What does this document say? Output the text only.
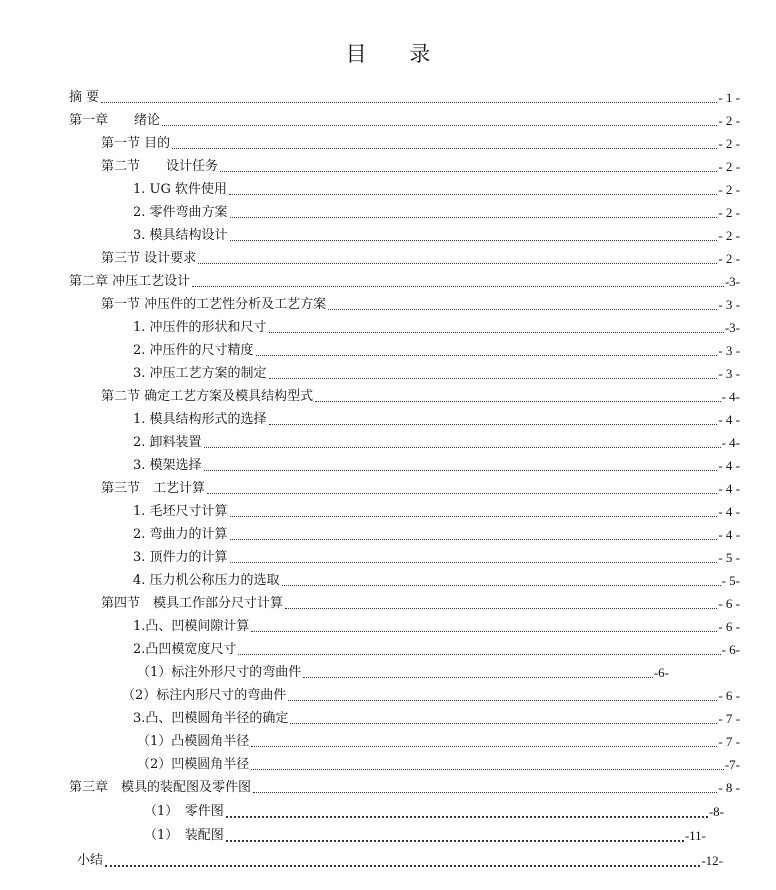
目 录
摘 要	- 1 -
第一章　　绪论	- 2 -
第一节 目的	- 2 -
第二节　　设计任务	- 2 -
1. UG 软件使用	- 2 -
2. 零件弯曲方案	- 2 -
3. 模具结构设计	- 2 -
第三节 设计要求	- 2 -
第二章 冲压工艺设计	-3-
第一节 冲压件的工艺性分析及工艺方案	- 3 -
1. 冲压件的形状和尺寸	-3-
2. 冲压件的尺寸精度	- 3 -
3. 冲压工艺方案的制定	- 3 -
第二节 确定工艺方案及模具结构型式	- 4-
1. 模具结构形式的选择	- 4 -
2. 卸料装置	- 4-
3. 模架选择	- 4 -
第三节　工艺计算	- 4 -
1. 毛坯尺寸计算	- 4 -
2. 弯曲力的计算	- 4 -
3. 顶件力的计算	- 5 -
4. 压力机公称压力的选取	- 5-
第四节　模具工作部分尺寸计算	- 6 -
1.凸、凹模间隙计算	- 6 -
2.凸凹模宽度尺寸	- 6-
（1）标注外形尺寸的弯曲件	-6-
（2）标注内形尺寸的弯曲件	- 6 -
3.凸、凹模圆角半径的确定	- 7 -
（1）凸模圆角半径	- 7 -
（2）凹模圆角半径	-7-
第三章　模具的装配图及零件图	- 8 -
（1）　零件图	-8-
（1）　装配图	-11-
小结	-12-
